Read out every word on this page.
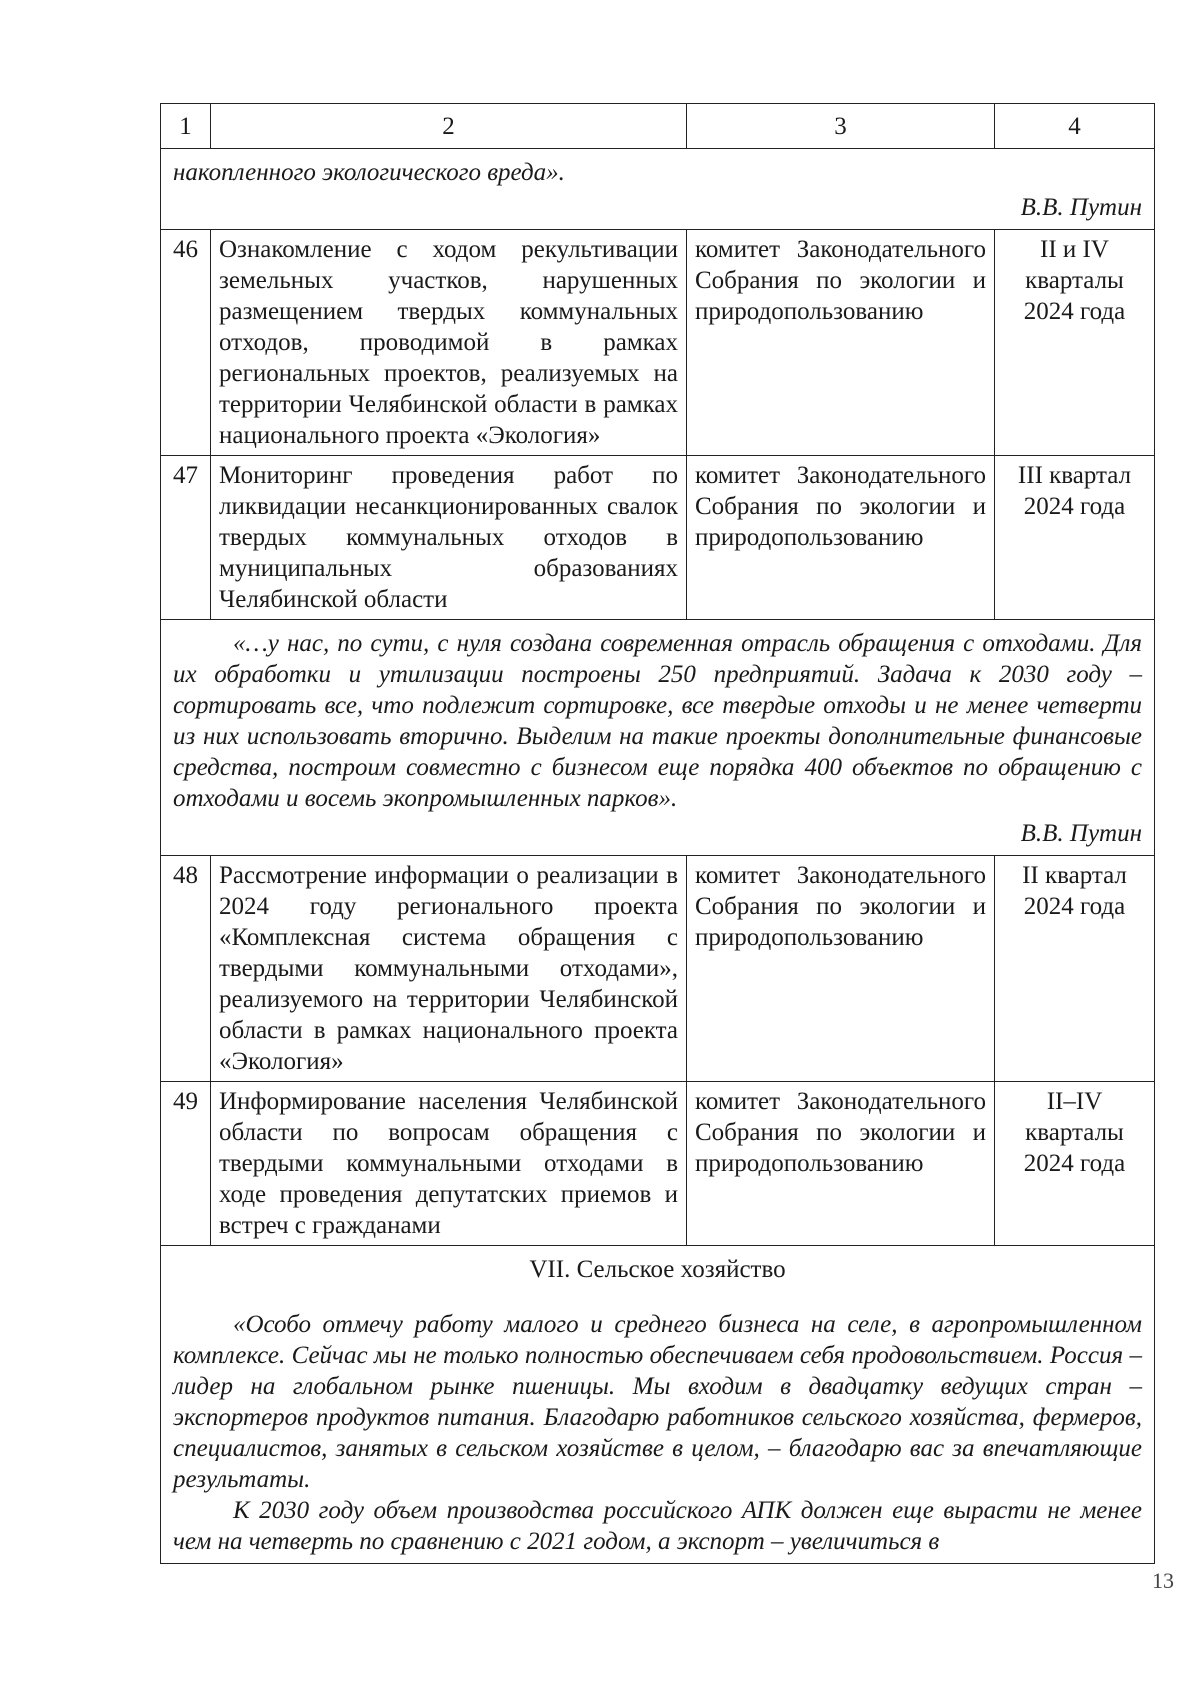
1	2	3	4

накопленного экологического вреда».

В.В. Путин			

46	Ознакомление с ходом рекультивации земельных участков, нарушенных размещением твердых коммунальных отходов, проводимой в рамках региональных проектов, реализуемых на территории Челябинской области в рамках национального проекта «Экология»	комитет Законодательного Собрания по экологии и природопользованию	II и IV кварталы 2024 года
47	Мониторинг проведения работ по ликвидации несанкционированных свалок твердых коммунальных отходов в муниципальных образованиях Челябинской области	комитет Законодательного Собрания по экологии и природопользованию	III квартал 2024 года

«…у нас, по сути, с нуля создана современная отрасль обращения с отходами. Для их обработки и утилизации построены 250 предприятий. Задача к 2030 году – сортировать все, что подлежит сортировке, все твердые отходы и не менее четверти из них использовать вторично. Выделим на такие проекты дополнительные финансовые средства, построим совместно с бизнесом еще порядка 400 объектов по обращению с отходами и восемь экопромышленных парков».

В.В. Путин			

48	Рассмотрение информации о реализации в 2024 году регионального проекта «Комплексная система обращения с твердыми коммунальными отходами», реализуемого на территории Челябинской области в рамках национального проекта «Экология»	комитет Законодательного Собрания по экологии и природопользованию	II квартал 2024 года
49	Информирование населения Челябинской области по вопросам обращения с твердыми коммунальными отходами в ходе проведения депутатских приемов и встреч с гражданами	комитет Законодательного Собрания по экологии и природопользованию	II–IV кварталы 2024 года

VII. Сельское хозяйство

«Особо отмечу работу малого и среднего бизнеса на селе, в агропромышленном комплексе. Сейчас мы не только полностью обеспечиваем себя продовольствием. Россия – лидер на глобальном рынке пшеницы. Мы входим в двадцатку ведущих стран – экспортеров продуктов питания. Благодарю работников сельского хозяйства, фермеров, специалистов, занятых в сельском хозяйстве в целом, – благодарю вас за впечатляющие результаты.

К 2030 году объем производства российского АПК должен еще вырасти не менее чем на четверть по сравнению с 2021 годом, а экспорт – увеличиться в			

13
